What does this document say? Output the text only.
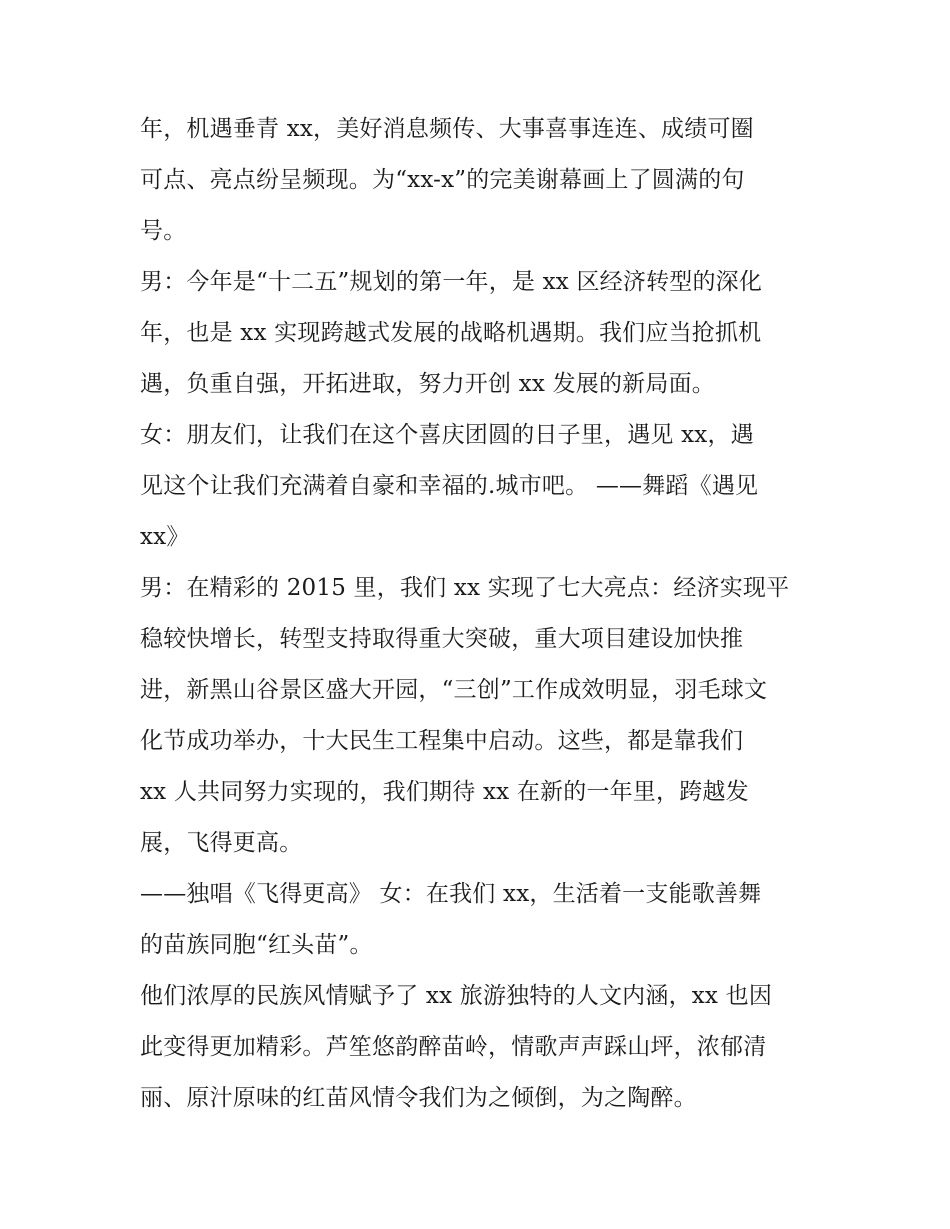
年，机遇垂青 xx，美好消息频传、大事喜事连连、成绩可圈
可点、亮点纷呈频现。为“xx-x”的完美谢幕画上了圆满的句
号。
男：今年是“十二五”规划的第一年，是 xx 区经济转型的深化
年，也是 xx 实现跨越式发展的战略机遇期。我们应当抢抓机
遇，负重自强，开拓进取，努力开创 xx 发展的新局面。
女：朋友们，让我们在这个喜庆团圆的日子里，遇见 xx，遇
见这个让我们充满着自豪和幸福的.城市吧。 ——舞蹈《遇见
xx》
男：在精彩的 2015 里，我们 xx 实现了七大亮点：经济实现平
稳较快增长，转型支持取得重大突破，重大项目建设加快推
进，新黑山谷景区盛大开园，“三创”工作成效明显，羽毛球文
化节成功举办，十大民生工程集中启动。这些，都是靠我们
xx 人共同努力实现的，我们期待 xx 在新的一年里，跨越发
展，飞得更高。
——独唱《飞得更高》 女：在我们 xx，生活着一支能歌善舞
的苗族同胞“红头苗”。
他们浓厚的民族风情赋予了 xx 旅游独特的人文内涵，xx 也因
此变得更加精彩。芦笙悠韵醉苗岭，情歌声声踩山坪，浓郁清
丽、原汁原味的红苗风情令我们为之倾倒，为之陶醉。
